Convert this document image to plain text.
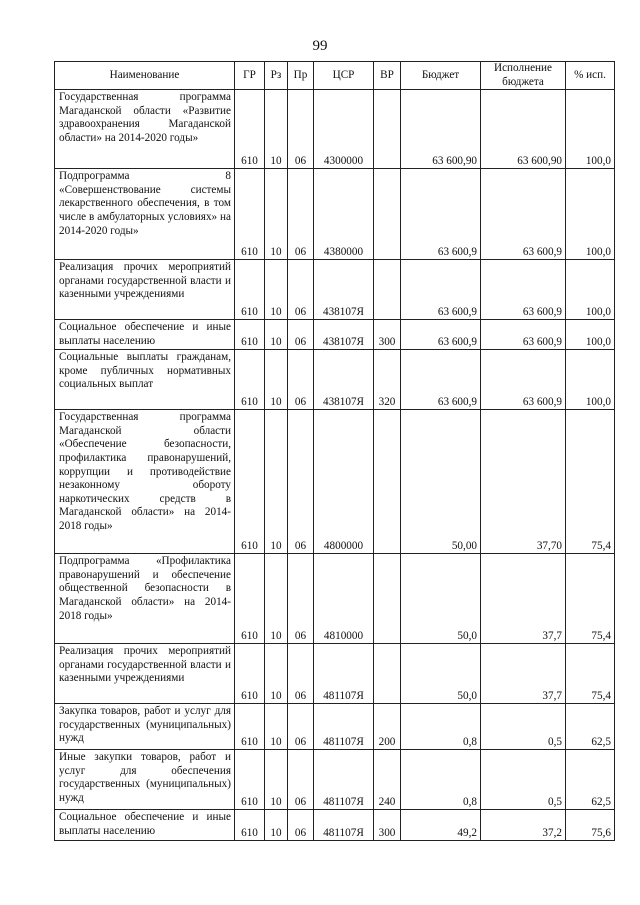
99
Наименование	ГР	Рз	Пр	ЦСР	ВР	Бюджет	Исполнение бюджета	% исп.
Государственная программа Магаданской области «Развитие здравоохранения Магаданской области» на 2014-2020 годы»	610	10	06	4300000		63 600,90	63 600,90	100,0
Подпрограмма 8 «Совершенствование системы лекарственного обеспечения, в том числе в амбулаторных условиях» на 2014-2020 годы»	610	10	06	4380000		63 600,9	63 600,9	100,0
Реализация прочих мероприятий органами государственной власти и казенными учреждениями	610	10	06	438107Я		63 600,9	63 600,9	100,0
Социальное обеспечение и иные выплаты населению	610	10	06	438107Я	300	63 600,9	63 600,9	100,0
Социальные выплаты гражданам, кроме публичных нормативных социальных выплат	610	10	06	438107Я	320	63 600,9	63 600,9	100,0
Государственная программа Магаданской области «Обеспечение безопасности, профилактика правонарушений, коррупции и противодействие незаконному обороту наркотических средств в Магаданской области» на 2014-2018 годы»	610	10	06	4800000		50,00	37,70	75,4
Подпрограмма «Профилактика правонарушений и обеспечение общественной безопасности в Магаданской области» на 2014-2018 годы»	610	10	06	4810000		50,0	37,7	75,4
Реализация прочих мероприятий органами государственной власти и казенными учреждениями	610	10	06	481107Я		50,0	37,7	75,4
Закупка товаров, работ и услуг для государственных (муниципальных) нужд	610	10	06	481107Я	200	0,8	0,5	62,5
Иные закупки товаров, работ и услуг для обеспечения государственных (муниципальных) нужд	610	10	06	481107Я	240	0,8	0,5	62,5
Социальное обеспечение и иные выплаты населению	610	10	06	481107Я	300	49,2	37,2	75,6
